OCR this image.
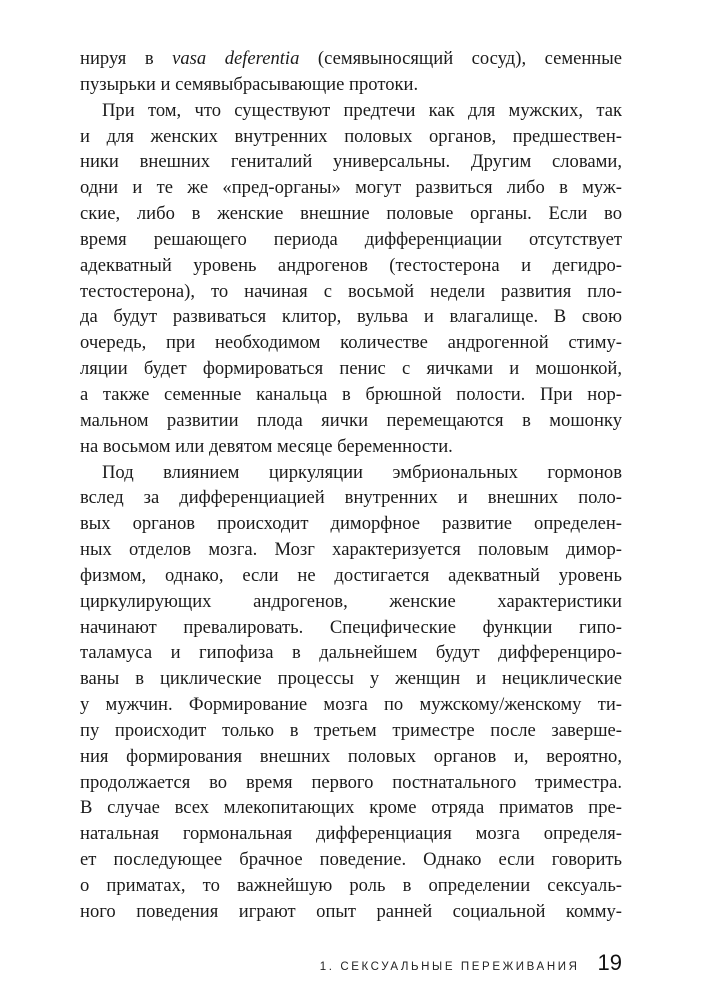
нируя в vasa deferentia (семявыносящий сосуд), семенные
пузырьки и семявыбрасывающие протоки.
При том, что существуют предтечи как для мужских, так
и для женских внутренних половых органов, предшествен-
ники внешних гениталий универсальны. Другим словами,
одни и те же «пред-органы» могут развиться либо в муж-
ские, либо в женские внешние половые органы. Если во
время решающего периода дифференциации отсутствует
адекватный уровень андрогенов (тестостерона и дегидро-
тестостерона), то начиная с восьмой недели развития пло-
да будут развиваться клитор, вульва и влагалище. В свою
очередь, при необходимом количестве андрогенной стиму-
ляции будет формироваться пенис с яичками и мошонкой,
а также семенные канальца в брюшной полости. При нор-
мальном развитии плода яички перемещаются в мошонку
на восьмом или девятом месяце беременности.
Под влиянием циркуляции эмбриональных гормонов
вслед за дифференциацией внутренних и внешних поло-
вых органов происходит диморфное развитие определен-
ных отделов мозга. Мозг характеризуется половым димор-
физмом, однако, если не достигается адекватный уровень
циркулирующих андрогенов, женские характеристики
начинают превалировать. Специфические функции гипо-
таламуса и гипофиза в дальнейшем будут дифференциро-
ваны в циклические процессы у женщин и нециклические
у мужчин. Формирование мозга по мужскому/женскому ти-
пу происходит только в третьем триместре после заверше-
ния формирования внешних половых органов и, вероятно,
продолжается во время первого постнатального триместра.
В случае всех млекопитающих кроме отряда приматов пре-
натальная гормональная дифференциация мозга определя-
ет последующее брачное поведение. Однако если говорить
о приматах, то важнейшую роль в определении сексуаль-
ного поведения играют опыт ранней социальной комму-
1. СЕКСУАЛЬНЫЕ ПЕРЕЖИВАНИЯ 19
